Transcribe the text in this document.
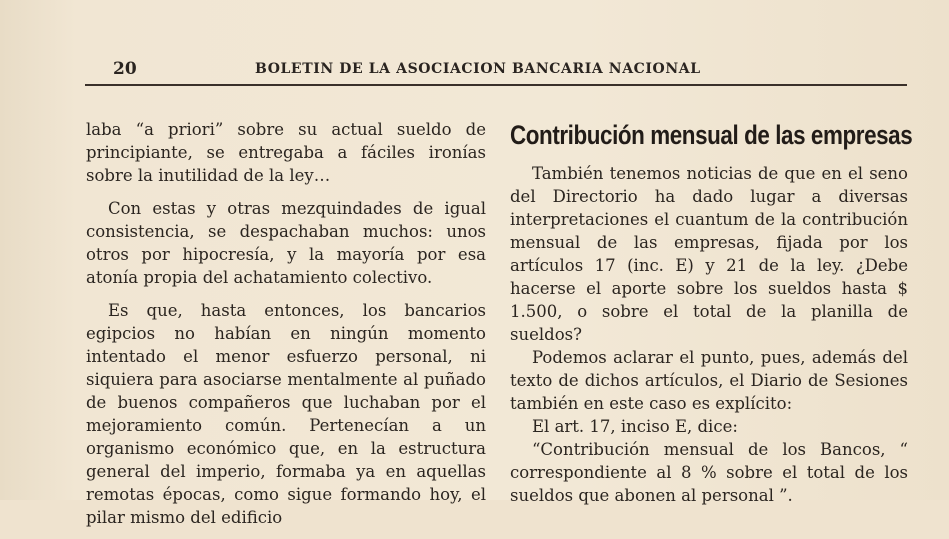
20	BOLETIN DE LA ASOCIACION BANCARIA NACIONAL

laba “a priori” sobre su actual sueldo de principiante, se entregaba a fáciles ironías sobre la inutilidad de la ley…

Con estas y otras mezquindades de igual consistencia, se despachaban muchos: unos otros por hipocresía, y la mayoría por esa atonía propia del achatamiento colectivo.

Es que, hasta entonces, los bancarios egipcios no habían en ningún momento intentado el menor esfuerzo personal, ni siquiera para asociarse mentalmente al puñado de buenos compañeros que luchaban por el mejoramiento común. Pertenecían a un organismo económico que, en la estructura general del imperio, formaba ya en aquellas remotas épocas, como sigue formando hoy, el pilar mismo del edificio

Contribución mensual de las empresas

También tenemos noticias de que en el seno del Directorio ha dado lugar a diversas interpretaciones el cuantum de la contribución mensual de las empresas, fijada por los artículos 17 (inc. E) y 21 de la ley. ¿Debe hacerse el aporte sobre los sueldos hasta $ 1.500, o sobre el total de la planilla de sueldos?

Podemos aclarar el punto, pues, además del texto de dichos artículos, el Diario de Sesiones también en este caso es explícito:

El art. 17, inciso E, dice:

“Contribución mensual de los Bancos, “ correspondiente al 8 % sobre el total de los sueldos que abonen al personal ”.
